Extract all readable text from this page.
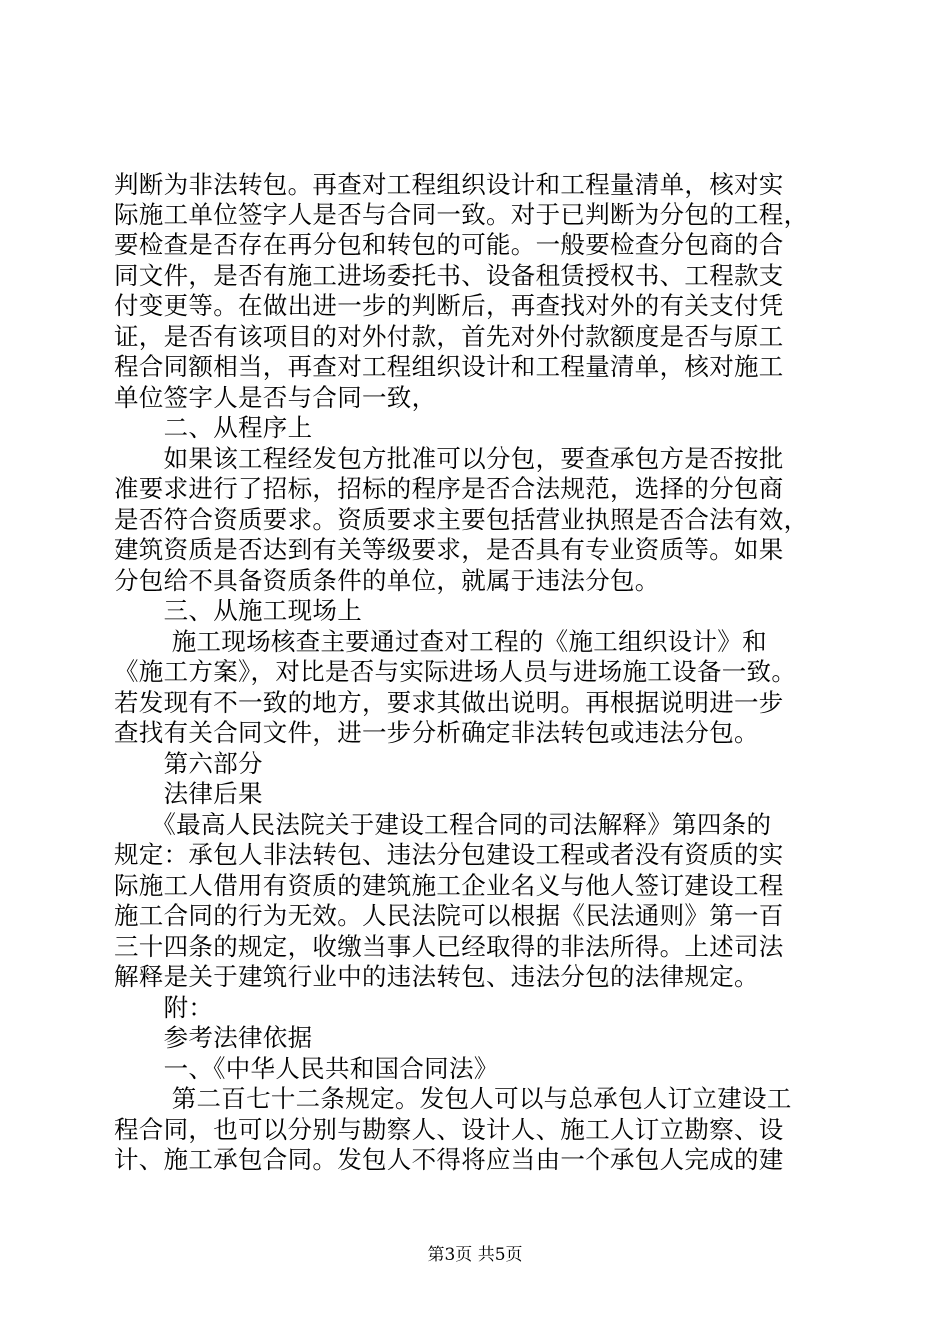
判断为非法转包。再查对工程组织设计和工程量清单，核对实
际施工单位签字人是否与合同一致。对于已判断为分包的工程，
要检查是否存在再分包和转包的可能。一般要检查分包商的合
同文件，是否有施工进场委托书、设备租赁授权书、工程款支
付变更等。在做出进一步的判断后，再查找对外的有关支付凭
证，是否有该项目的对外付款，首先对外付款额度是否与原工
程合同额相当，再查对工程组织设计和工程量清单，核对施工
单位签字人是否与合同一致，
　　二、从程序上
　　如果该工程经发包方批准可以分包，要查承包方是否按批
准要求进行了招标，招标的程序是否合法规范，选择的分包商
是否符合资质要求。资质要求主要包括营业执照是否合法有效，
建筑资质是否达到有关等级要求，是否具有专业资质等。如果
分包给不具备资质条件的单位，就属于违法分包。
　　三、从施工现场上
　　 施工现场核查主要通过查对工程的《施工组织设计》和
《施工方案》，对比是否与实际进场人员与进场施工设备一致。
若发现有不一致的地方，要求其做出说明。再根据说明进一步
查找有关合同文件，进一步分析确定非法转包或违法分包。
　　第六部分
　　法律后果
　　《最高人民法院关于建设工程合同的司法解释》第四条的
规定：承包人非法转包、违法分包建设工程或者没有资质的实
际施工人借用有资质的建筑施工企业名义与他人签订建设工程
施工合同的行为无效。人民法院可以根据《民法通则》第一百
三十四条的规定，收缴当事人已经取得的非法所得。上述司法
解释是关于建筑行业中的违法转包、违法分包的法律规定。
　　附：
　　参考法律依据
　　一、《中华人民共和国合同法》
　　 第二百七十二条规定。发包人可以与总承包人订立建设工
程合同，也可以分别与勘察人、设计人、施工人订立勘察、设
计、施工承包合同。发包人不得将应当由一个承包人完成的建
第3页 共5页
